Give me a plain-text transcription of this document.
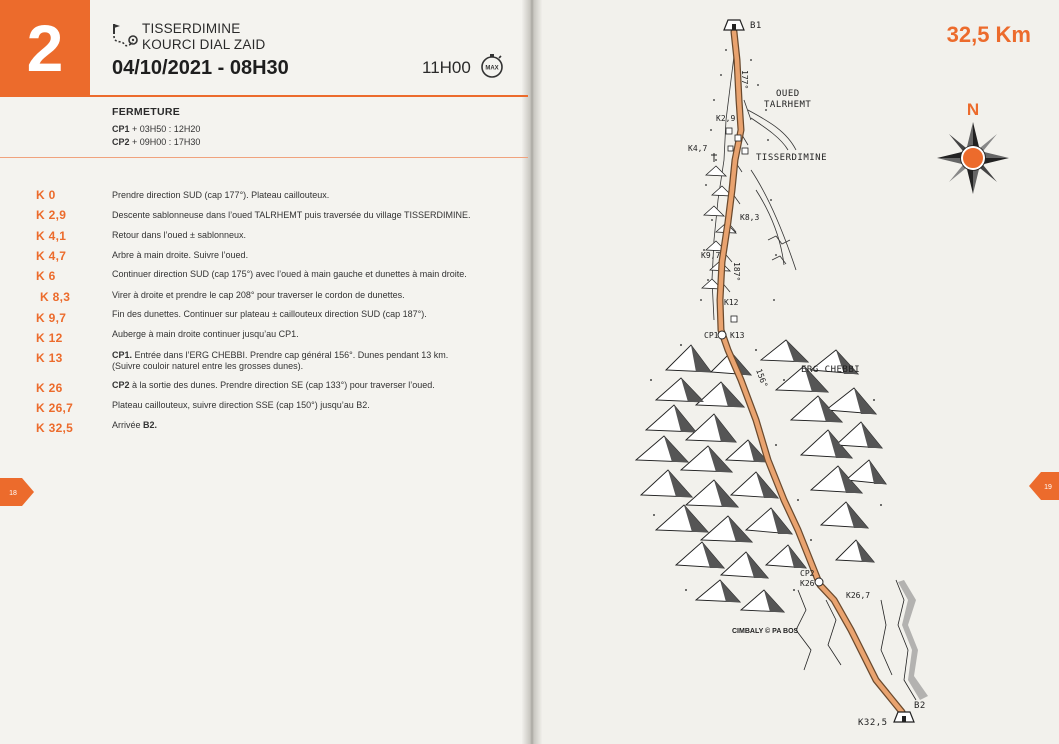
2	TISSERDIMINE
KOURCI DIAL ZAID
04/10/2021 - 08H30
32,5 Km
11H00 MAX
FERMETURE
CP1 + 03H50 : 12H20
CP2 + 09H00 : 17H30
K 0	Prendre direction SUD (cap 177°). Plateau caillouteux.
K 2,9	Descente sablonneuse dans l’oued TALRHEMT puis traversée du village TISSERDIMINE.
K 4,1	Retour dans l’oued ± sablonneux.
K 4,7	Arbre à main droite. Suivre l’oued.
K 6	Continuer direction SUD (cap 175°) avec l’oued à main gauche et dunettes à main droite.
K 8,3	Virer à droite et prendre le cap 208° pour traverser le cordon de dunettes.
K 9,7	Fin des dunettes. Continuer sur plateau ± caillouteux direction SUD (cap 187°).
K 12	Auberge à main droite continuer jusqu’au CP1.
K 13	CP1. Entrée dans l’ERG CHEBBI. Prendre cap général 156°. Dunes pendant 13 km.
(Suivre couloir naturel entre les grosses dunes).
K 26	CP2 à la sortie des dunes. Prendre direction SE (cap 133°) pour traverser l’oued.
K 26,7	Plateau caillouteux, suivre direction SSE (cap 150°) jusqu’au B2.
K 32,5	Arrivée B2.
18
19
B1
B2
K32,5
177°
OUED
TALRHEMT
K2,9
K4,7
TISSERDIMINE
K8,3
K9,7
187°
K12
CP1 K13
ERG CHEBBI
156°
CP2
K26
K26,7
CIMBALY © PA BOS
N
